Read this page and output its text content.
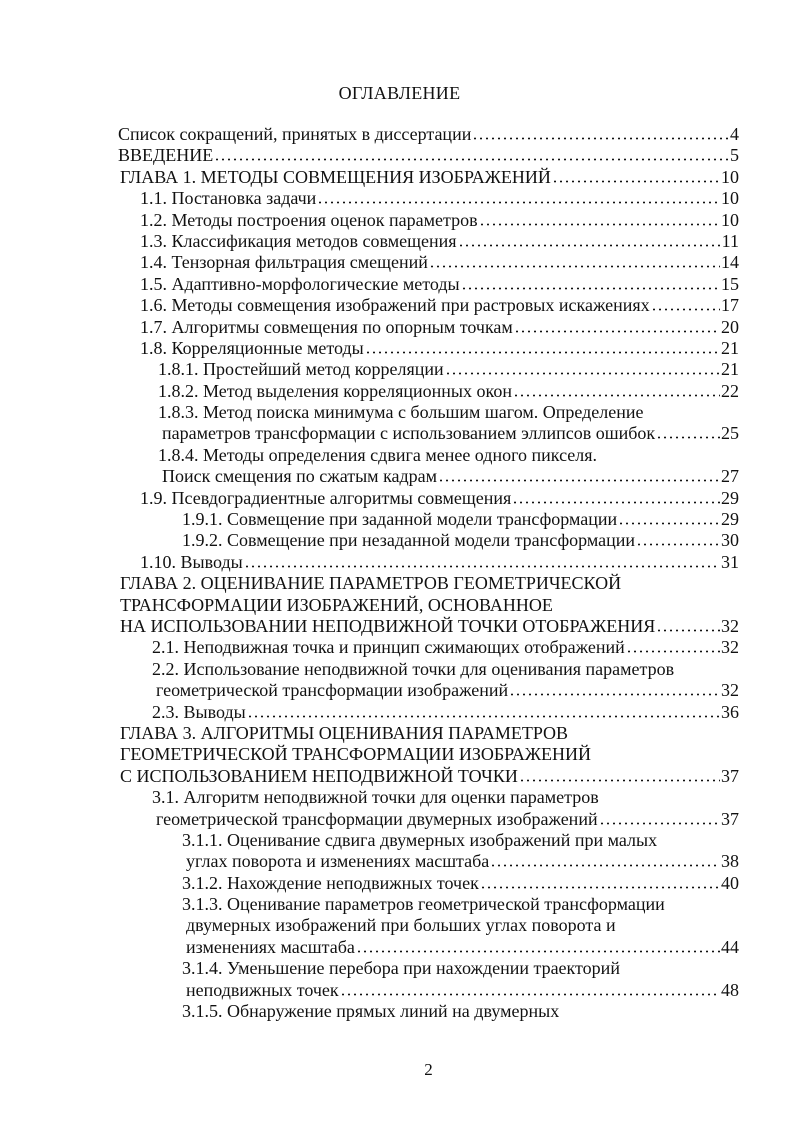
ОГЛАВЛЕНИЕ
Список сокращений, принятых в диссертации	4
ВВЕДЕНИЕ	5
ГЛАВА 1. МЕТОДЫ СОВМЕЩЕНИЯ ИЗОБРАЖЕНИЙ	10
1.1. Постановка задачи	10
1.2. Методы построения оценок параметров	10
1.3. Классификация методов совмещения	11
1.4. Тензорная фильтрация смещений	14
1.5. Адаптивно-морфологические методы	15
1.6. Методы совмещения изображений при растровых искажениях	17
1.7. Алгоритмы совмещения по опорным точкам	20
1.8. Корреляционные методы	21
1.8.1. Простейший метод корреляции	21
1.8.2. Метод выделения корреляционных окон	22
1.8.3. Метод поиска минимума с большим шагом. Определение
параметров трансформации с использованием эллипсов ошибок	25
1.8.4. Методы определения сдвига менее одного пикселя.
Поиск смещения по сжатым кадрам	27
1.9. Псевдоградиентные алгоритмы совмещения	29
1.9.1. Совмещение при заданной модели трансформации	29
1.9.2. Совмещение при незаданной модели трансформации	30
1.10. Выводы	31
ГЛАВА 2. ОЦЕНИВАНИЕ ПАРАМЕТРОВ ГЕОМЕТРИЧЕСКОЙ
ТРАНСФОРМАЦИИ ИЗОБРАЖЕНИЙ, ОСНОВАННОЕ
НА ИСПОЛЬЗОВАНИИ НЕПОДВИЖНОЙ ТОЧКИ ОТОБРАЖЕНИЯ	32
2.1. Неподвижная точка и принцип сжимающих отображений	32
2.2. Использование неподвижной точки для оценивания параметров
геометрической трансформации изображений	32
2.3. Выводы	36
ГЛАВА 3. АЛГОРИТМЫ ОЦЕНИВАНИЯ ПАРАМЕТРОВ
ГЕОМЕТРИЧЕСКОЙ ТРАНСФОРМАЦИИ ИЗОБРАЖЕНИЙ
С ИСПОЛЬЗОВАНИЕМ НЕПОДВИЖНОЙ ТОЧКИ	37
3.1. Алгоритм неподвижной точки для оценки параметров
геометрической трансформации двумерных изображений	37
3.1.1. Оценивание сдвига двумерных изображений при малых
углах поворота и изменениях масштаба	38
3.1.2. Нахождение неподвижных точек	40
3.1.3. Оценивание параметров геометрической трансформации
двумерных изображений при больших углах поворота и
изменениях масштаба	44
3.1.4. Уменьшение перебора при нахождении траекторий
неподвижных точек	48
3.1.5. Обнаружение прямых линий на двумерных
2
